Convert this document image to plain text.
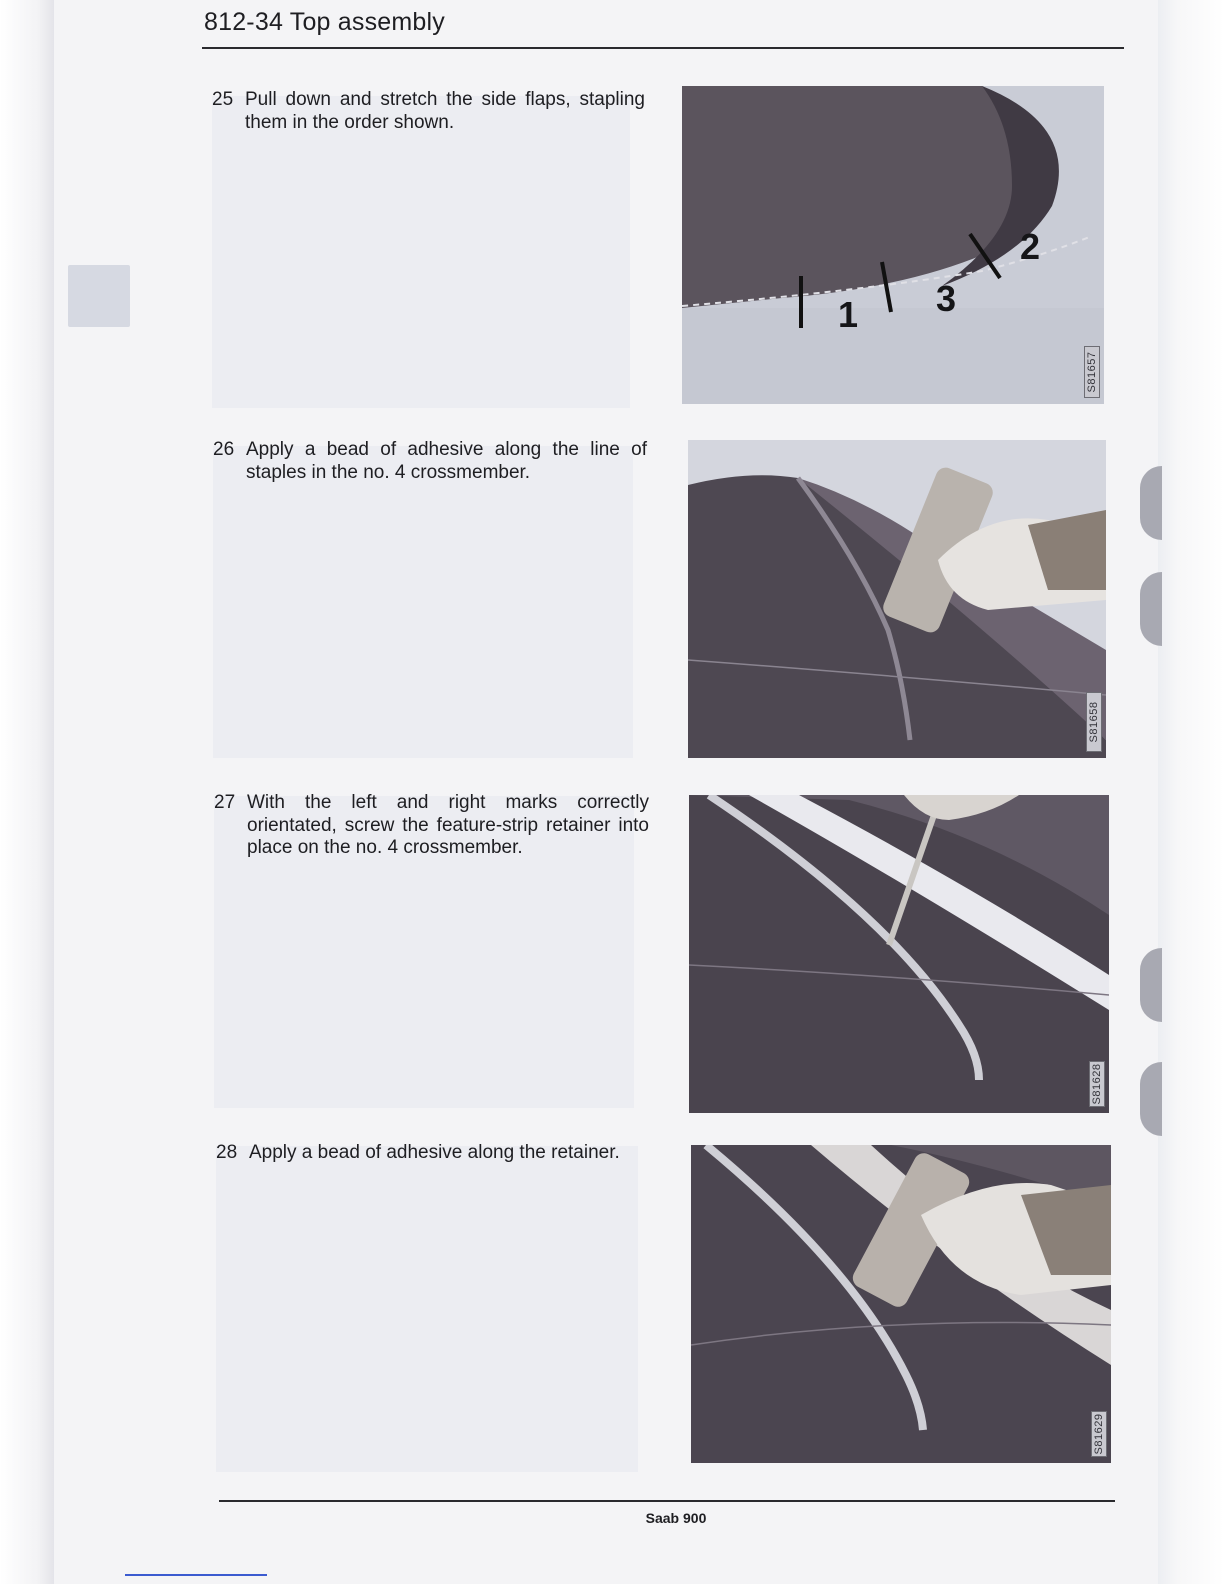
812-34 Top assembly
25 Pull down and stretch the side flaps, stapling them in the order shown.
1 3
2
S81657
26 Apply a bead of adhesive along the line of staples in the no. 4 crossmember.
S81658
27 With the left and right marks correctly orientated, screw the feature-strip retainer into place on the no. 4 crossmember.
S81628
28 Apply a bead of adhesive along the retainer.
S81629
Saab 900
